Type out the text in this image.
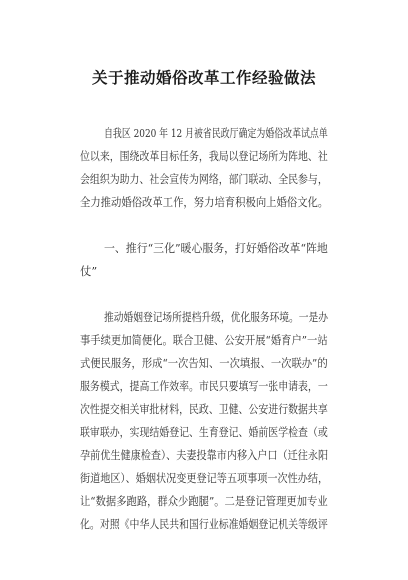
关于推动婚俗改革工作经验做法
自我区 2020 年 12 月被省民政厅确定为婚俗改革试点单
位以来，围绕改革目标任务，我局以登记场所为阵地、社
会组织为助力、社会宣传为网络，部门联动、全民参与，
全力推动婚俗改革工作，努力培育积极向上婚俗文化。
一、推行“三化”暖心服务，打好婚俗改革“阵地
仗”
推动婚姻登记场所提档升级，优化服务环境。一是办
事手续更加简便化。联合卫健、公安开展“婚育户”一站
式便民服务，形成“一次告知、一次填报、一次联办”的
服务模式，提高工作效率。市民只要填写一张申请表，一
次性提交相关审批材料，民政、卫健、公安进行数据共享
联审联办，实现结婚登记、生育登记、婚前医学检查（或
孕前优生健康检查）、夫妻投靠市内移入户口（迁往永阳
街道地区）、婚姻状况变更登记等五项事项一次性办结，
让“数据多跑路，群众少跑腿”。二是登记管理更加专业
化。对照《中华人民共和国行业标准婚姻登记机关等级评
